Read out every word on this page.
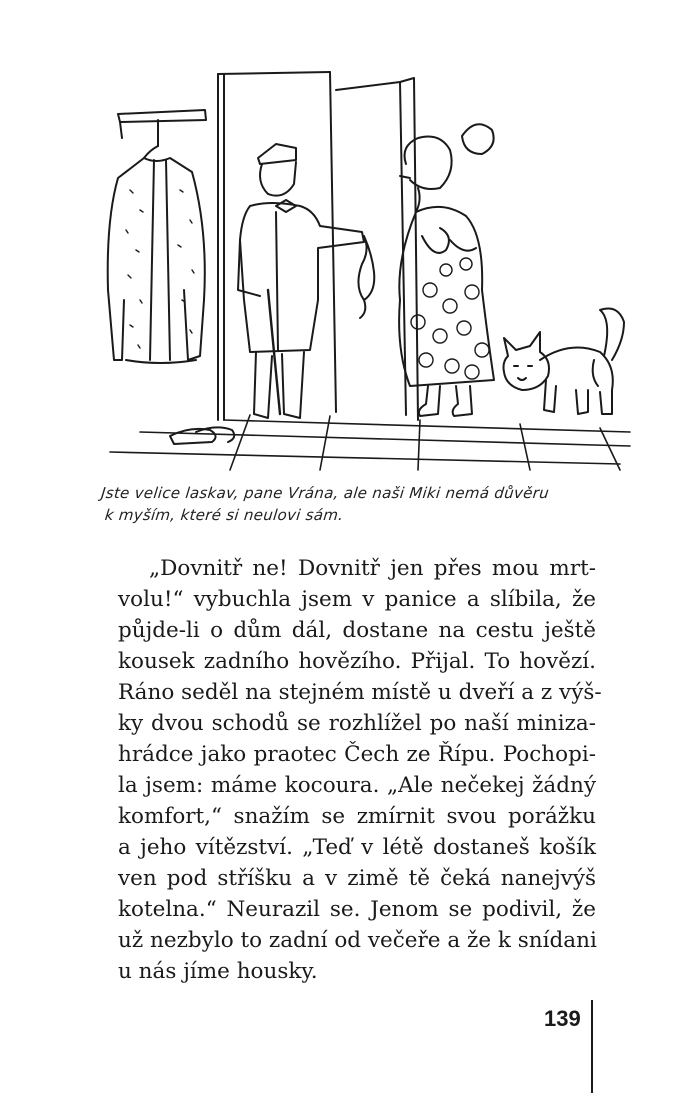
Jste velice laskav, pane Vrána, ale naši Miki nemá důvěru
k myším, které si neulovi sám.
„Dovnitř ne! Dovnitř jen přes mou mrt-
volu!“ vybuchla jsem v panice a slíbila, že
půjde-li o dům dál, dostane na cestu ještě
kousek zadního hovězího. Přijal. To hovězí.
Ráno seděl na stejném místě u dveří a z výš-
ky dvou schodů se rozhlížel po naší miniza-
hrádce jako praotec Čech ze Řípu. Pochopi-
la jsem: máme kocoura. „Ale nečekej žádný
komfort,“ snažím se zmírnit svou porážku
a jeho vítězství. „Teď v létě dostaneš košík
ven pod stříšku a v zimě tě čeká nanejvýš
kotelna.“ Neurazil se. Jenom se podivil, že
už nezbylo to zadní od večeře a že k snídani
u nás jíme housky.
139
